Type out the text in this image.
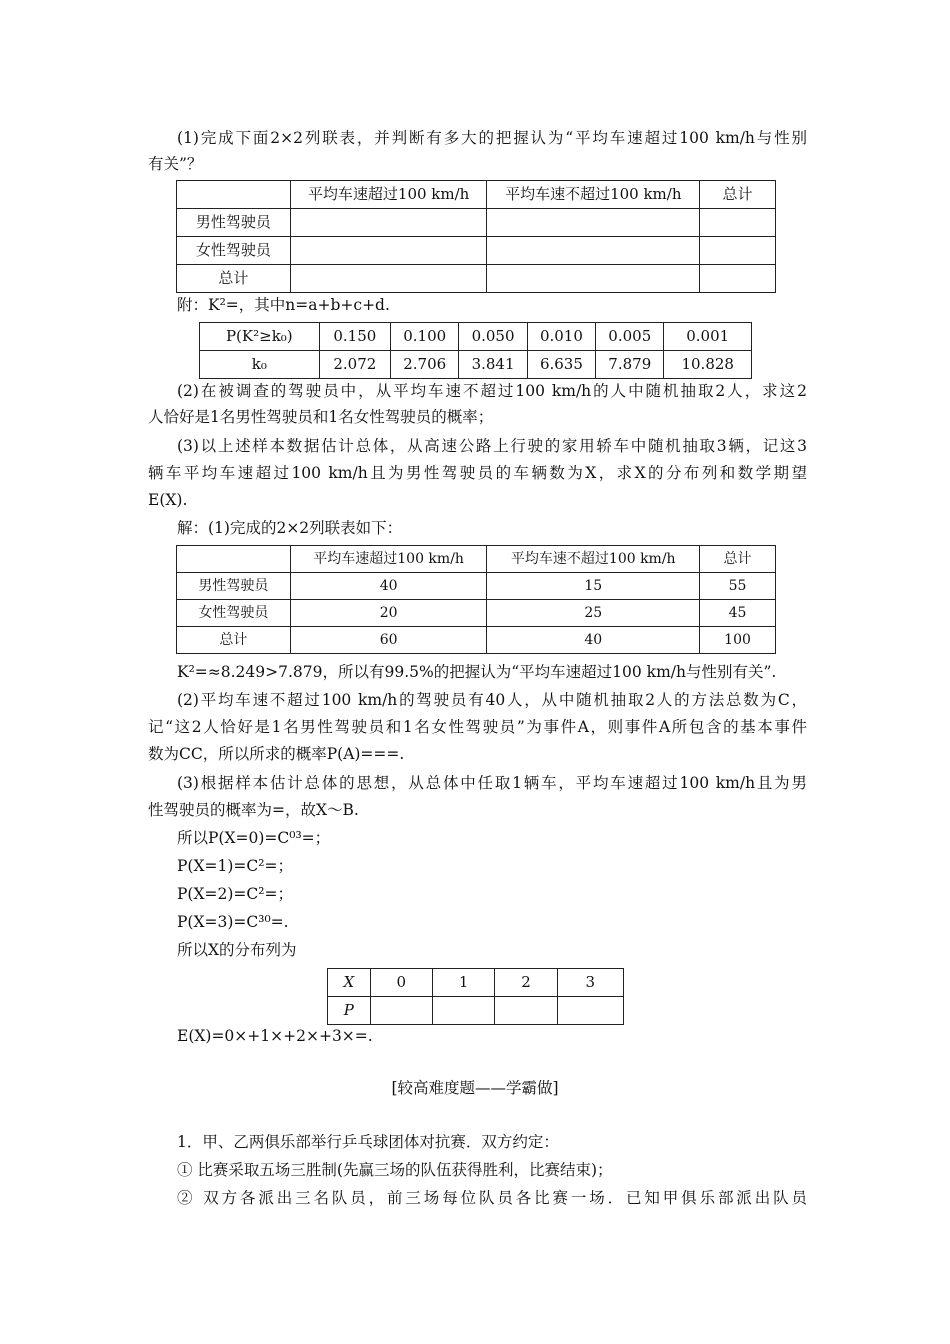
(1)完成下面2×2列联表，并判断有多大的把握认为“平均车速超过100 km/h与性别
有关”？
	平均车速超过100 km/h	平均车速不超过100 km/h	总计
男性驾驶员			
女性驾驶员			
总计			
附：K²=，其中n=a+b+c+d.
P(K²≥k₀)	0.150	0.100	0.050	0.010	0.005	0.001
k₀	2.072	2.706	3.841	6.635	7.879	10.828
(2)在被调查的驾驶员中，从平均车速不超过100 km/h的人中随机抽取2人，求这2
人恰好是1名男性驾驶员和1名女性驾驶员的概率；
(3)以上述样本数据估计总体，从高速公路上行驶的家用轿车中随机抽取3辆，记这3
辆车平均车速超过100 km/h且为男性驾驶员的车辆数为X，求X的分布列和数学期望
E(X).
解：(1)完成的2×2列联表如下：
	平均车速超过100 km/h	平均车速不超过100 km/h	总计
男性驾驶员	40	15	55
女性驾驶员	20	25	45
总计	60	40	100
K²=≈8.249>7.879，所以有99.5%的把握认为“平均车速超过100 km/h与性别有关”.
(2)平均车速不超过100 km/h的驾驶员有40人，从中随机抽取2人的方法总数为C，
记“这2人恰好是1名男性驾驶员和1名女性驾驶员”为事件A，则事件A所包含的基本事件
数为CC，所以所求的概率P(A)===.
(3)根据样本估计总体的思想，从总体中任取1辆车，平均车速超过100 km/h且为男
性驾驶员的概率为=，故X～B.
所以P(X=0)=C⁰³=；
P(X=1)=C²=；
P(X=2)=C²=；
P(X=3)=C³⁰=.
所以X的分布列为
X	0	1	2	3
P				
E(X)=0×+1×+2×+3×=.
[较高难度题——学霸做]
1．甲、乙两俱乐部举行乒乓球团体对抗赛．双方约定：
① 比赛采取五场三胜制(先赢三场的队伍获得胜利，比赛结束)；
② 双方各派出三名队员，前三场每位队员各比赛一场．已知甲俱乐部派出队员
